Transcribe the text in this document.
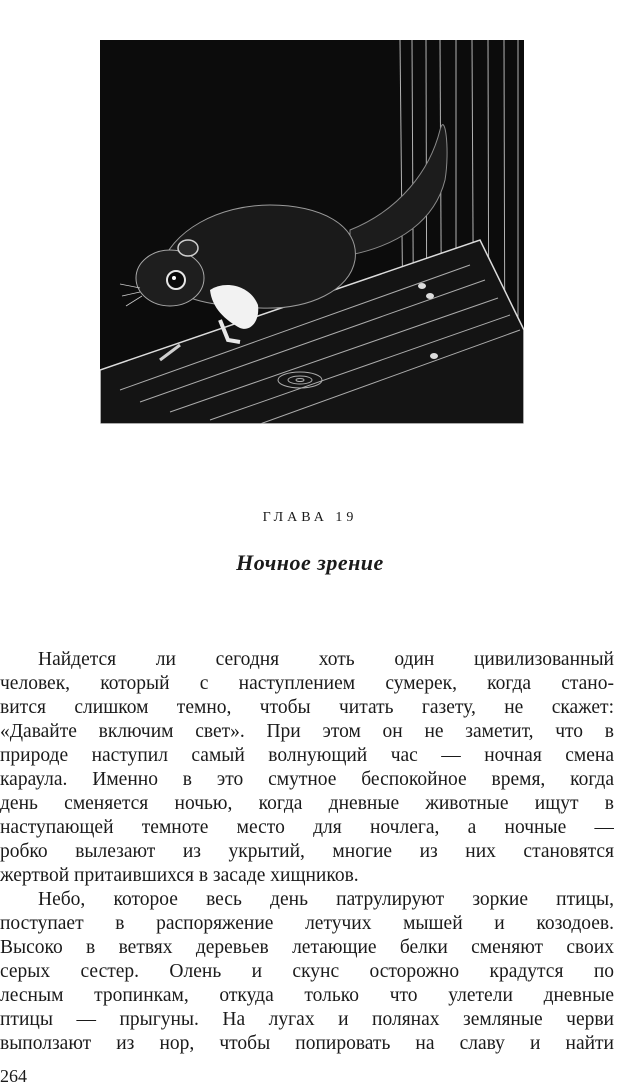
ГЛАВА 19
Ночное зрение
Найдется ли сегодня хоть один цивилизованный
человек, который с наступлением сумерек, когда стано-
вится слишком темно, чтобы читать газету, не скажет:
«Давайте включим свет». При этом он не заметит, что в
природе наступил самый волнующий час — ночная смена
караула. Именно в это смутное беспокойное время, когда
день сменяется ночью, когда дневные животные ищут в
наступающей темноте место для ночлега, а ночные —
робко вылезают из укрытий, многие из них становятся
жертвой притаившихся в засаде хищников.
Небо, которое весь день патрулируют зоркие птицы,
поступает в распоряжение летучих мышей и козодоев.
Высоко в ветвях деревьев летающие белки сменяют своих
серых сестер. Олень и скунс осторожно крадутся по
лесным тропинкам, откуда только что улетели дневные
птицы — прыгуны. На лугах и полянах земляные черви
выползают из нор, чтобы попировать на славу и найти
264
